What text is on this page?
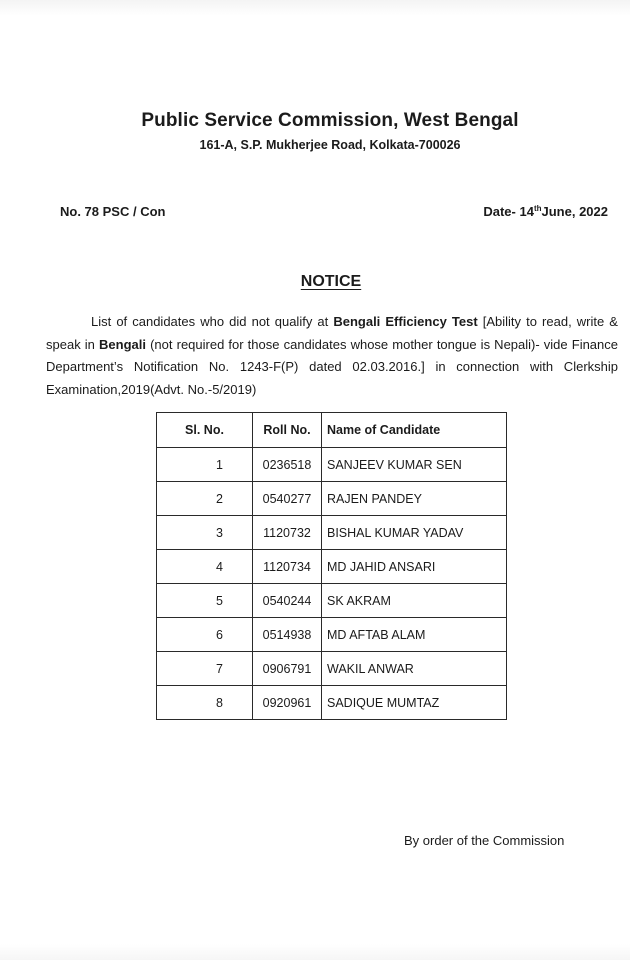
Public Service Commission, West Bengal
161-A, S.P. Mukherjee Road, Kolkata-700026
No. 78 PSC / Con	Date- 14thJune, 2022
NOTICE
List of candidates who did not qualify at Bengali Efficiency Test [Ability to read, write & speak in Bengali (not required for those candidates whose mother tongue is Nepali)- vide Finance Department’s Notification No. 1243-F(P) dated 02.03.2016.] in connection with Clerkship Examination,2019(Advt. No.-5/2019)
Sl. No.	Roll No.	Name of Candidate
1	0236518	SANJEEV KUMAR SEN
2	0540277	RAJEN PANDEY
3	1120732	BISHAL KUMAR YADAV
4	1120734	MD JAHID ANSARI
5	0540244	SK AKRAM
6	0514938	MD AFTAB ALAM
7	0906791	WAKIL ANWAR
8	0920961	SADIQUE MUMTAZ
By order of the Commission
